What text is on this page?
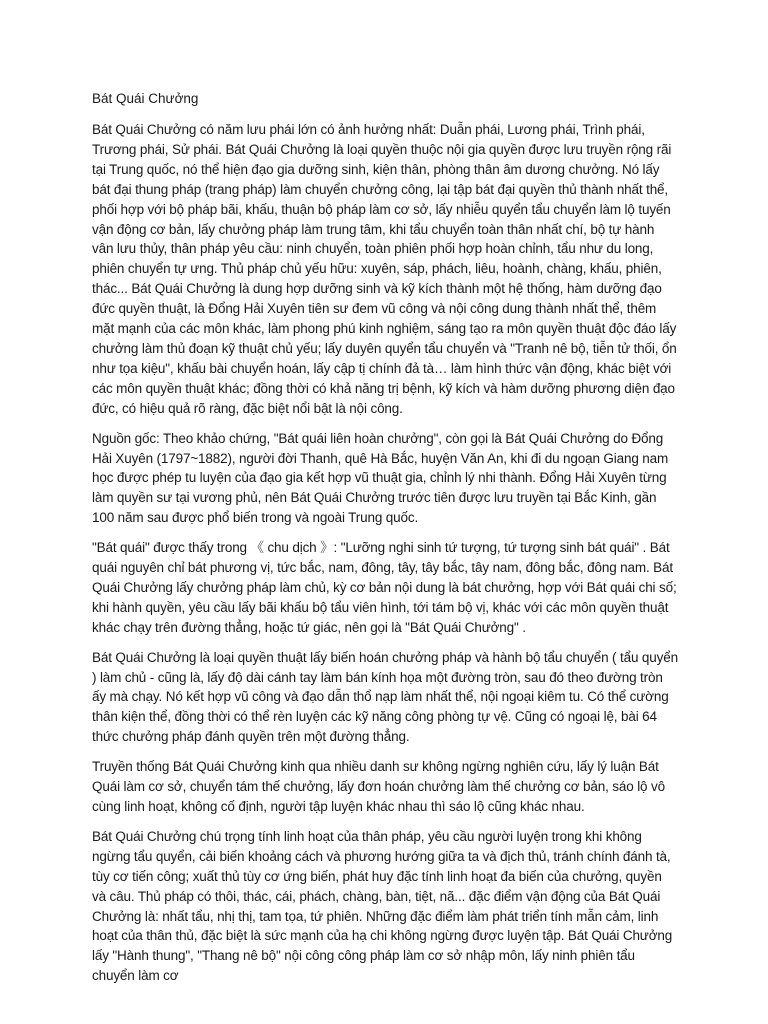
Bát Quái Chưởng

Bát Quái Chưởng có năm lưu phái lớn có ảnh hưởng nhất: Duẫn phái, Lương phái, Trình phái, Trương phái, Sử phái. Bát Quái Chưởng là loại quyền thuộc nội gia quyền được lưu truyền rộng rãi tại Trung quốc, nó thể hiện đạo gia dưỡng sinh, kiện thân, phòng thân âm dương chưởng. Nó lấy bát đại thung pháp (trang pháp) làm chuyển chưởng công, lại tập bát đại quyền thủ thành nhất thể, phối hợp với bộ pháp bãi, khấu, thuận bộ pháp làm cơ sở, lấy nhiễu quyển tẩu chuyển làm lộ tuyến vận động cơ bản, lấy chưởng pháp làm trung tâm, khi tẩu chuyển toàn thân nhất chí, bộ tự hành vân lưu thủy, thân pháp yêu cầu: ninh chuyển, toàn phiên phối hợp hoàn chỉnh, tẩu như du long, phiên chuyển tự ưng. Thủ pháp chủ yếu hữu: xuyên, sáp, phách, liêu, hoành, chàng, khấu, phiên, thác... Bát Quái Chưởng là dung hợp dưỡng sinh và kỹ kích thành một hệ thống, hàm dưỡng đạo đức quyền thuật, là Đổng Hải Xuyên tiên sư đem vũ công và nội công dung thành nhất thể, thêm mặt mạnh của các môn khác, làm phong phú kinh nghiệm, sáng tạo ra môn quyền thuật độc đáo lấy chưởng làm thủ đoạn kỹ thuật chủ yếu; lấy duyên quyển tẩu chuyển và "Tranh nê bộ, tiễn tử thối, ổn như tọa kiệu", khấu bài chuyển hoán, lấy cập tị chính đả tà… làm hình thức vận động, khác biệt với các môn quyền thuật khác; đồng thời có khả năng trị bệnh, kỹ kích và hàm dưỡng phương diện đạo đức, có hiệu quả rõ ràng, đặc biệt nổi bật là nội công.

Nguồn gốc: Theo khảo chứng, "Bát quái liên hoàn chưởng", còn gọi là Bát Quái Chưởng do Đổng Hải Xuyên (1797~1882), người đời Thanh, quê Hà Bắc, huyện Văn An, khi đi du ngoạn Giang nam học được phép tu luyện của đạo gia kết hợp vũ thuật gia, chỉnh lý nhi thành. Đổng Hải Xuyên từng làm quyền sư tại vương phủ, nên Bát Quái Chưởng trước tiên được lưu truyền tại Bắc Kinh, gần 100 năm sau được phổ biến trong và ngoài Trung quốc.

"Bát quái" được thấy trong 《 chu dịch 》: "Lưỡng nghi sinh tứ tượng, tứ tượng sinh bát quái" . Bát quái nguyên chỉ bát phương vị, tức bắc, nam, đông, tây, tây bắc, tây nam, đông bắc, đông nam. Bát Quái Chưởng lấy chưởng pháp làm chủ, kỳ cơ bản nội dung là bát chưởng, hợp với Bát quái chi số; khi hành quyền, yêu cầu lấy bãi khấu bộ tẩu viên hình, tới tám bộ vị, khác với các môn quyền thuật khác chạy trên đường thẳng, hoặc tứ giác, nên gọi là "Bát Quái Chưởng" .

Bát Quái Chưởng là loại quyền thuật lấy biến hoán chưởng pháp và hành bộ tẩu chuyển ( tẩu quyển ) làm chủ - cũng là, lấy độ dài cánh tay làm bán kính họa một đường tròn, sau đó theo đường tròn ấy mà chạy. Nó kết hợp vũ công và đạo dẫn thổ nạp làm nhất thể, nội ngoại kiêm tu. Có thể cường thân kiện thể, đồng thời có thể rèn luyện các kỹ năng công phòng tự vệ. Cũng có ngoại lệ, bài 64 thức chưởng pháp đánh quyền trên một đường thẳng.

Truyền thống Bát Quái Chưởng kinh qua nhiều danh sư không ngừng nghiên cứu, lấy lý luận Bát Quái làm cơ sở, chuyển tám thế chưởng, lấy đơn hoán chưởng làm thế chưởng cơ bản, sáo lộ vô cùng linh hoạt, không cố định, người tập luyện khác nhau thì sáo lộ cũng khác nhau.

Bát Quái Chưởng chú trọng tính linh hoạt của thân pháp, yêu cầu người luyện trong khi không ngừng tẩu quyển, cải biến khoảng cách và phương hướng giữa ta và địch thủ, tránh chính đánh tà, tùy cơ tiến công; xuất thủ tùy cơ ứng biến, phát huy đặc tính linh hoạt đa biến của chưởng, quyền và câu. Thủ pháp có thôi, thác, cái, phách, chàng, bàn, tiệt, nã... đặc điểm vận động của Bát Quái Chưởng là: nhất tẩu, nhị thị, tam tọa, tứ phiên. Những đặc điểm làm phát triển tính mẫn cảm, linh hoạt của thân thủ, đặc biệt là sức mạnh của hạ chi không ngừng được luyện tập. Bát Quái Chưởng lấy "Hành thung", "Thang nê bộ" nội công công pháp làm cơ sở nhập môn, lấy ninh phiên tẩu chuyển làm cơ
